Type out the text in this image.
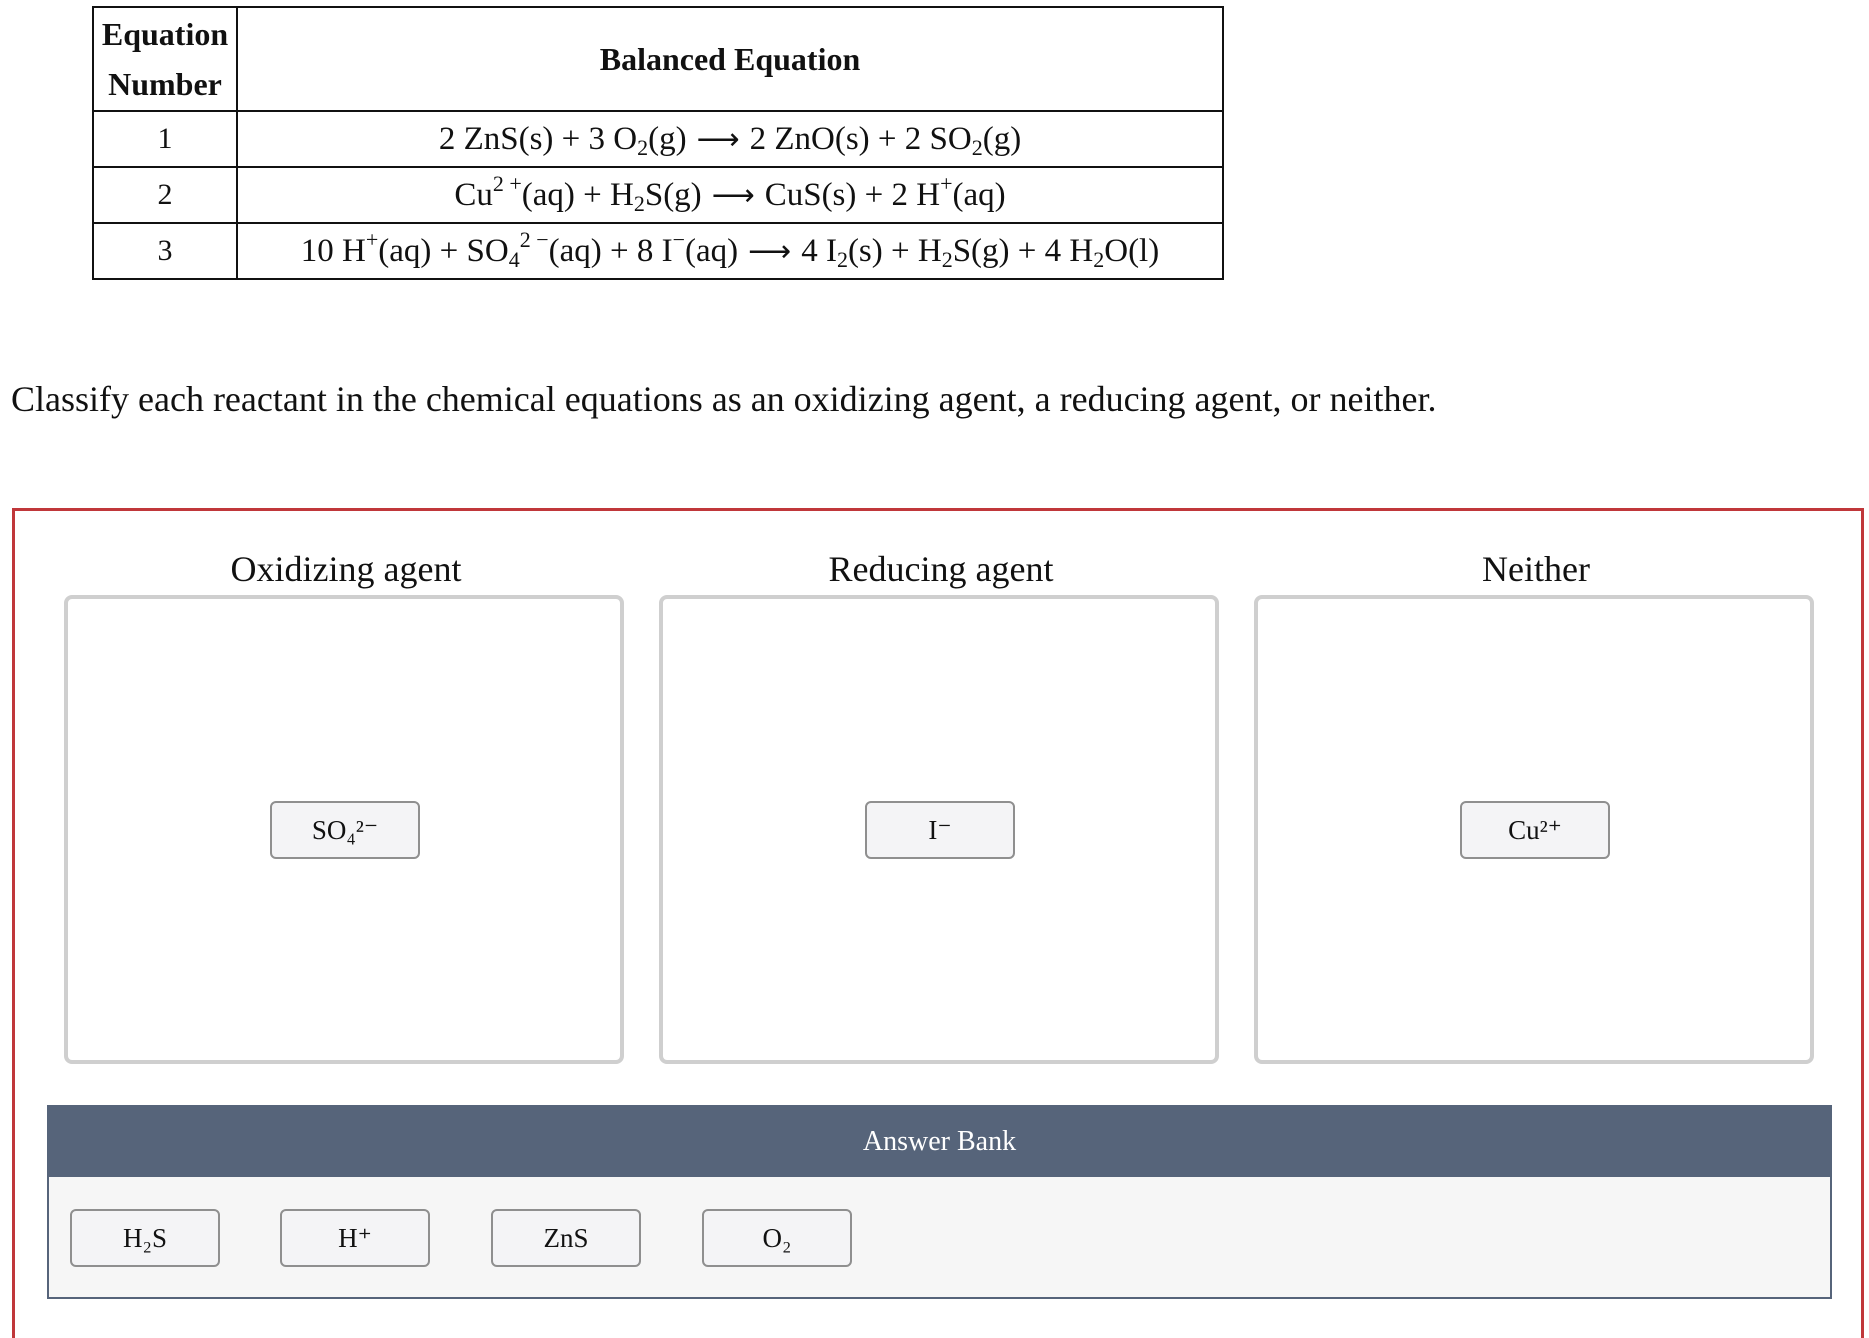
Equation Number	Balanced Equation
1	2 ZnS(s) + 3 $O_2(g)$ ⟶ 2 ZnO(s) + 2 $SO_2(g)$
2	$Cu^{2 +}(aq) + H_2S(g)$ ⟶ CuS(s) + 2 H+(aq)
3	10 $H^+(aq) + SO_4^{2 -}(aq) + 8$ I−(aq) ⟶ 4 $I_2(s) + H_2S(g) + 4$ $H_2O(l)$

Classify each reactant in the chemical equations as an oxidizing agent, a reducing agent, or neither.

Oxidizing agent	Reducing agent	Neither
SO₄²⁻	I⁻	Cu²⁺
Answer Bank
H₂S	H⁺	ZnS	O₂
